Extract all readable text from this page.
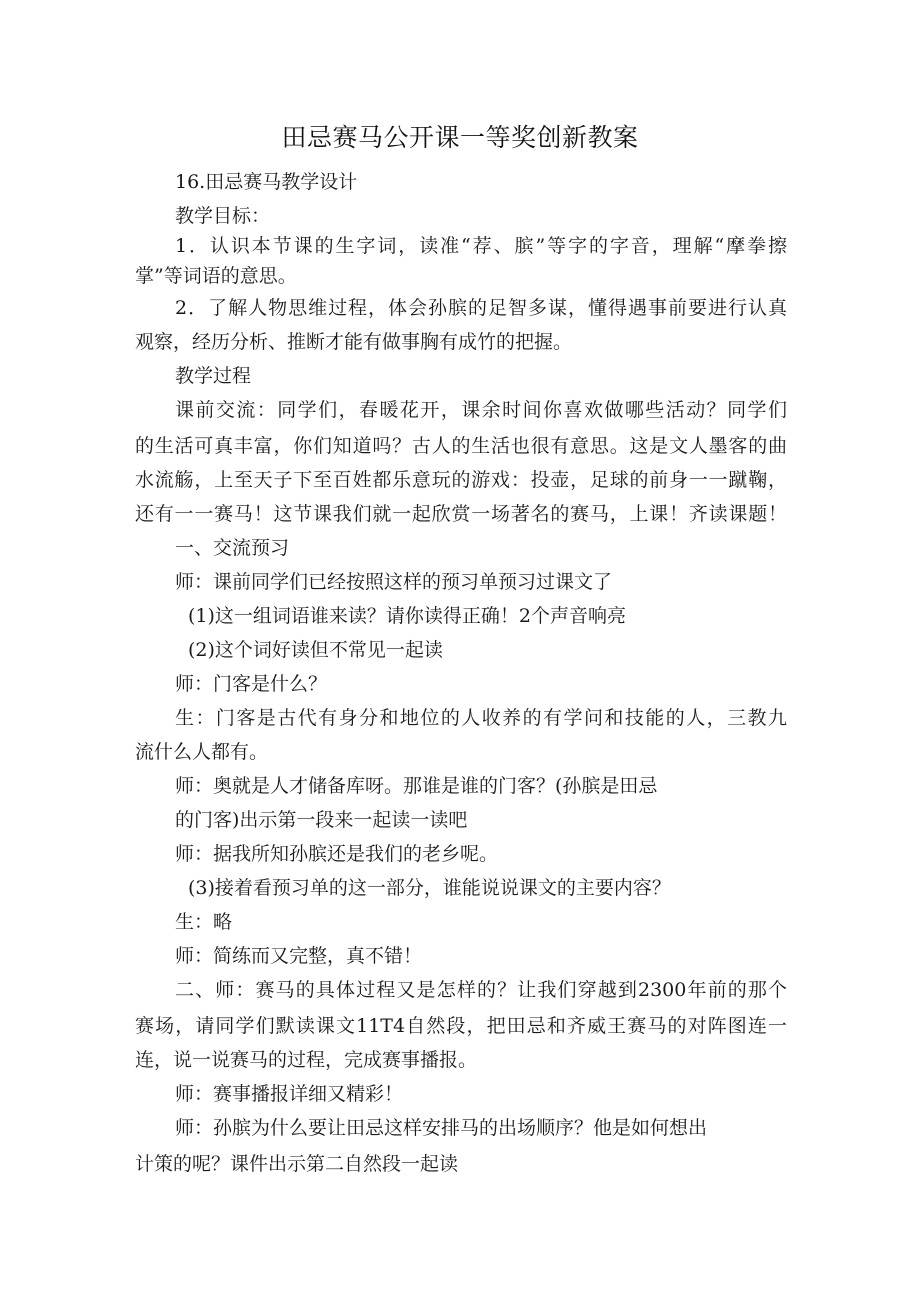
田忌赛马公开课一等奖创新教案
16.田忌赛马教学设计
教学目标：
1．认识本节课的生字词，读准“荐、膑”等字的字音，理解“摩拳擦
掌”等词语的意思。
2．了解人物思维过程，体会孙膑的足智多谋，懂得遇事前要进行认真
观察，经历分析、推断才能有做事胸有成竹的把握。
教学过程
课前交流：同学们，春暖花开，课余时间你喜欢做哪些活动？同学们
的生活可真丰富，你们知道吗？古人的生活也很有意思。这是文人墨客的曲
水流觞，上至天子下至百姓都乐意玩的游戏：投壶，足球的前身一一蹴鞠，
还有一一赛马！这节课我们就一起欣赏一场著名的赛马，上课！齐读课题！
一、交流预习
师：课前同学们已经按照这样的预习单预习过课文了
(1)这一组词语谁来读？请你读得正确！2个声音响亮
(2)这个词好读但不常见一起读
师：门客是什么？
生：门客是古代有身分和地位的人收养的有学问和技能的人，三教九
流什么人都有。
师：奥就是人才储备库呀。那谁是谁的门客？(孙膑是田忌
的门客)出示第一段来一起读一读吧
师：据我所知孙膑还是我们的老乡呢。
(3)接着看预习单的这一部分，谁能说说课文的主要内容？
生：略
师：简练而又完整，真不错！
二、师：赛马的具体过程又是怎样的？让我们穿越到2300年前的那个
赛场，请同学们默读课文11T4自然段，把田忌和齐威王赛马的对阵图连一
连，说一说赛马的过程，完成赛事播报。
师：赛事播报详细又精彩！
师：孙膑为什么要让田忌这样安排马的出场顺序？他是如何想出
计策的呢？课件出示第二自然段一起读
